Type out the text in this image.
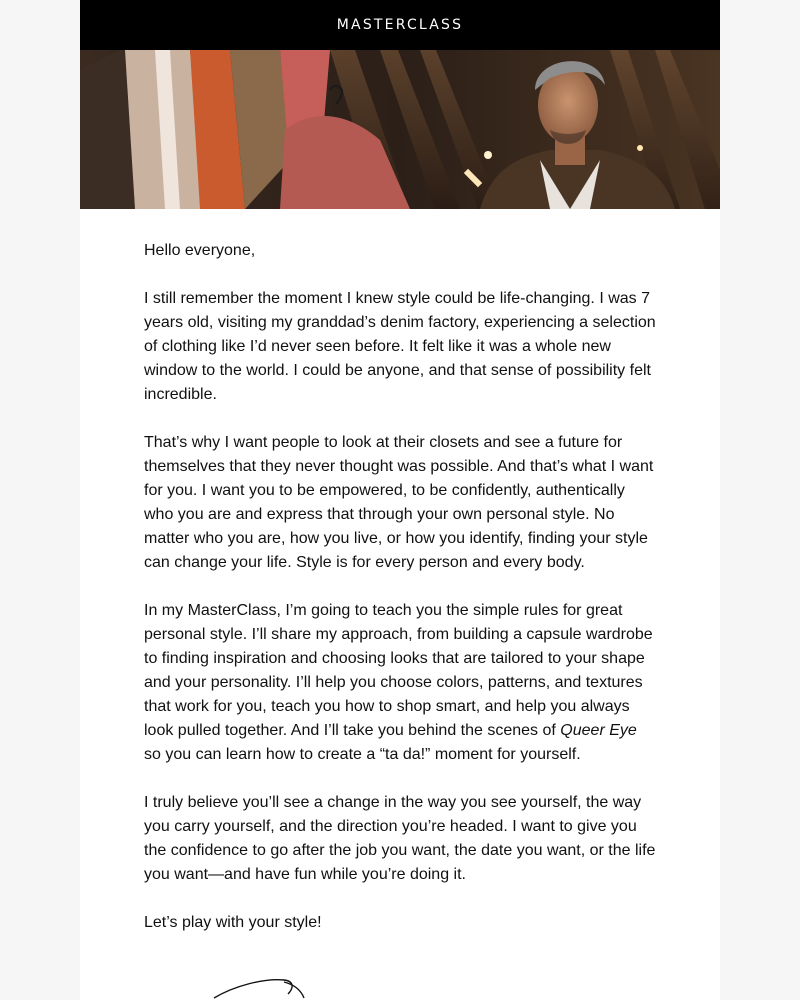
MASTERCLASS

Hello everyone,

I still remember the moment I knew style could be life-changing. I was 7 years old, visiting my granddad’s denim factory, experiencing a selection of clothing like I’d never seen before. It felt like it was a whole new window to the world. I could be anyone, and that sense of possibility felt incredible.

That’s why I want people to look at their closets and see a future for themselves that they never thought was possible. And that’s what I want for you. I want you to be empowered, to be confidently, authentically who you are and express that through your own personal style. No matter who you are, how you live, or how you identify, finding your style can change your life. Style is for every person and every body.

In my MasterClass, I’m going to teach you the simple rules for great personal style. I’ll share my approach, from building a capsule wardrobe to finding inspiration and choosing looks that are tailored to your shape and your personality. I’ll help you choose colors, patterns, and textures that work for you, teach you how to shop smart, and help you always look pulled together. And I’ll take you behind the scenes of Queer Eye so you can learn how to create a “ta da!” moment for yourself.

I truly believe you’ll see a change in the way you see yourself, the way you carry yourself, and the direction you’re headed. I want to give you the confidence to go after the job you want, the date you want, or the life you want—and have fun while you’re doing it.

Let’s play with your style!
